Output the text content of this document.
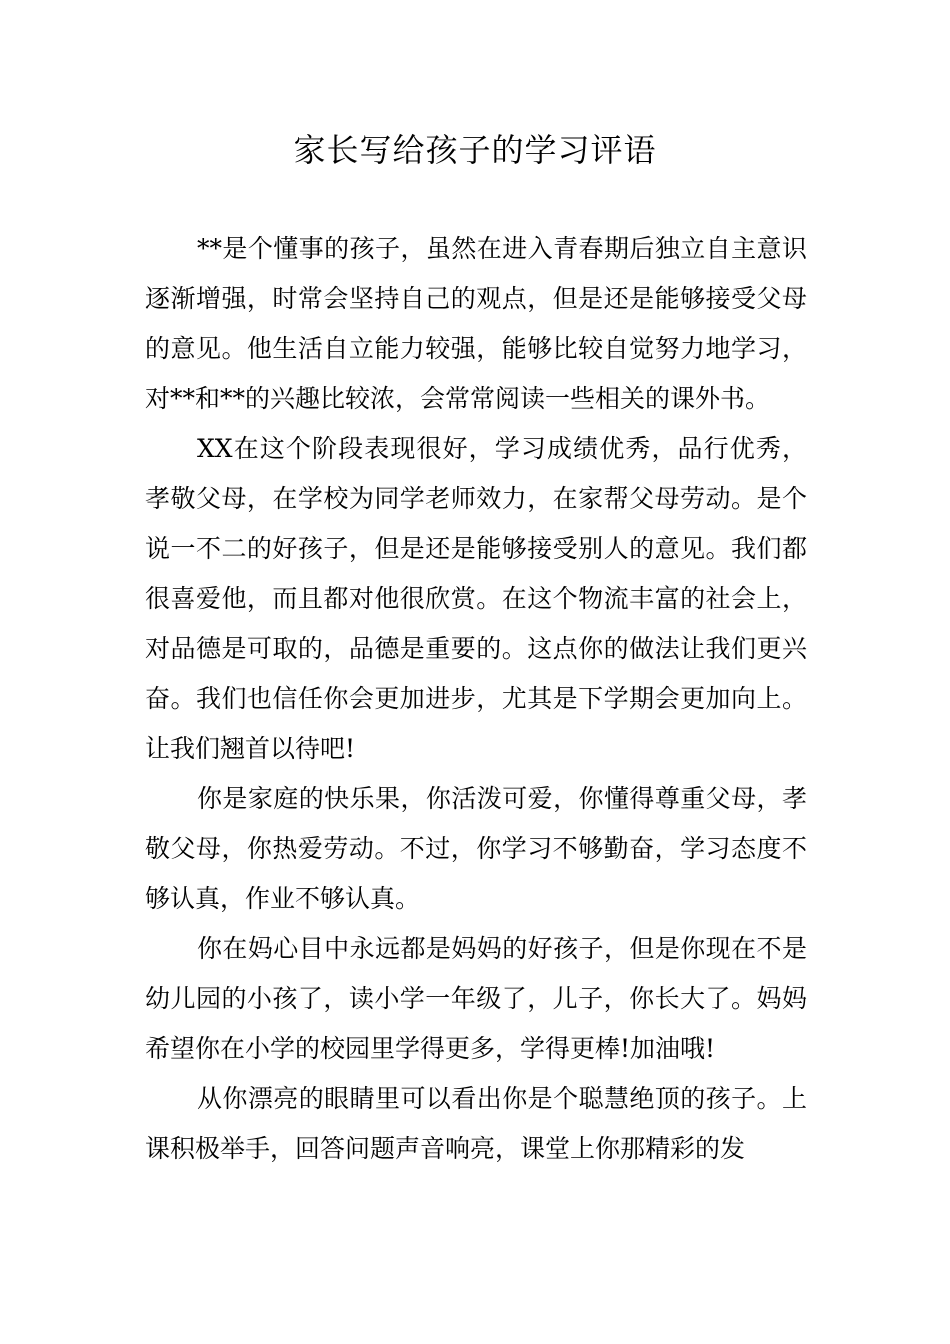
家长写给孩子的学习评语

**是个懂事的孩子，虽然在进入青春期后独立自主意识逐渐增强，时常会坚持自己的观点，但是还是能够接受父母的意见。他生活自立能力较强，能够比较自觉努力地学习，对**和**的兴趣比较浓，会常常阅读一些相关的课外书。

XX在这个阶段表现很好，学习成绩优秀，品行优秀，孝敬父母，在学校为同学老师效力，在家帮父母劳动。是个说一不二的好孩子，但是还是能够接受别人的意见。我们都很喜爱他，而且都对他很欣赏。在这个物流丰富的社会上，对品德是可取的，品德是重要的。这点你的做法让我们更兴奋。我们也信任你会更加进步，尤其是下学期会更加向上。让我们翘首以待吧!

你是家庭的快乐果，你活泼可爱，你懂得尊重父母，孝敬父母，你热爱劳动。不过，你学习不够勤奋，学习态度不够认真，作业不够认真。

你在妈心目中永远都是妈妈的好孩子，但是你现在不是幼儿园的小孩了，读小学一年级了，儿子，你长大了。妈妈希望你在小学的校园里学得更多，学得更棒!加油哦!

从你漂亮的眼睛里可以看出你是个聪慧绝顶的孩子。上课积极举手，回答问题声音响亮，课堂上你那精彩的发
